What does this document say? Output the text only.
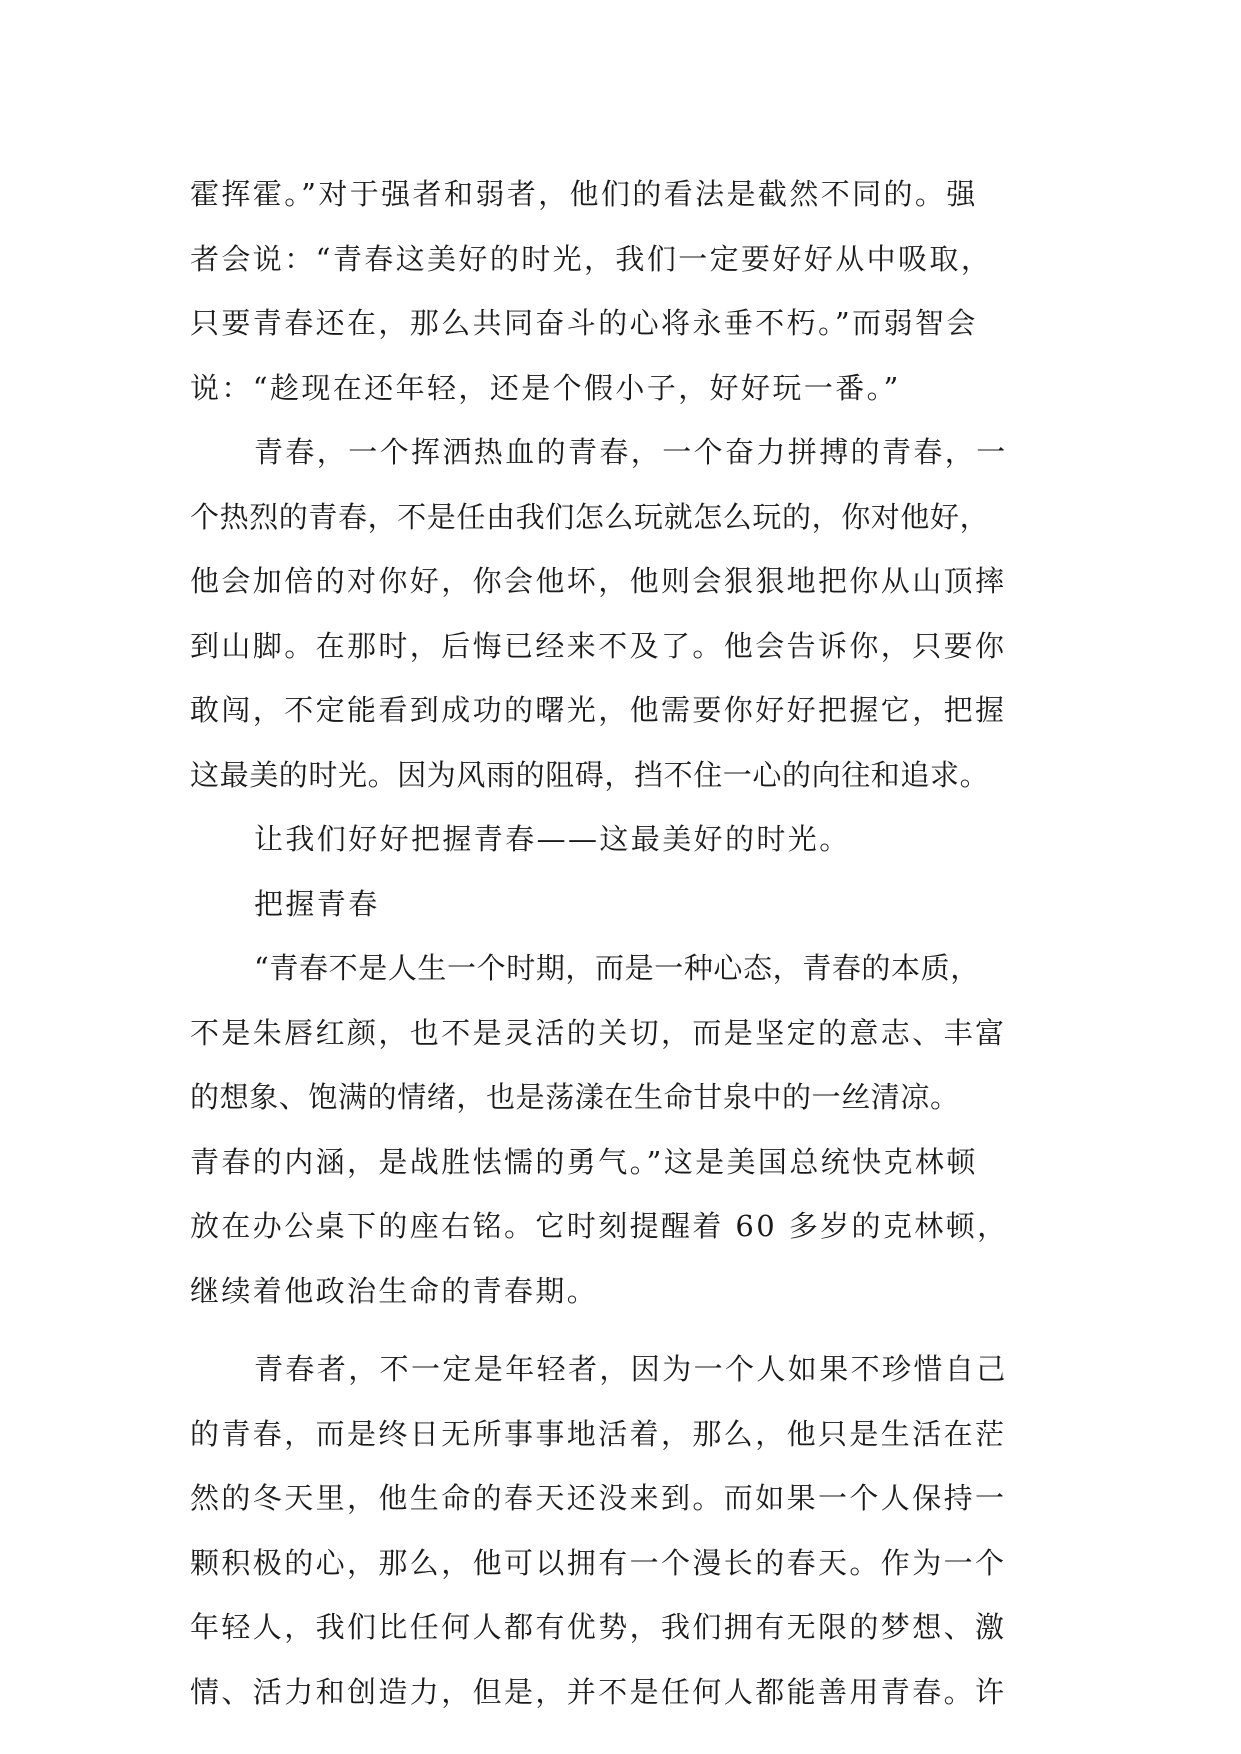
霍挥霍。”对于强者和弱者，他们的看法是截然不同的。强
者会说：“青春这美好的时光，我们一定要好好从中吸取，
只要青春还在，那么共同奋斗的心将永垂不朽。”而弱智会
说：“趁现在还年轻，还是个假小子，好好玩一番。”
青春，一个挥洒热血的青春，一个奋力拼搏的青春，一
个热烈的青春，不是任由我们怎么玩就怎么玩的，你对他好，
他会加倍的对你好，你会他坏，他则会狠狠地把你从山顶摔
到山脚。在那时，后悔已经来不及了。他会告诉你，只要你
敢闯，不定能看到成功的曙光，他需要你好好把握它，把握
这最美的时光。因为风雨的阻碍，挡不住一心的向往和追求。
让我们好好把握青春——这最美好的时光。
把握青春
“青春不是人生一个时期，而是一种心态，青春的本质，
不是朱唇红颜，也不是灵活的关切，而是坚定的意志、丰富
的想象、饱满的情绪，也是荡漾在生命甘泉中的一丝清凉。
青春的内涵，是战胜怯懦的勇气。”这是美国总统快克林顿
放在办公桌下的座右铭。它时刻提醒着 60 多岁的克林顿，
继续着他政治生命的青春期。
青春者，不一定是年轻者，因为一个人如果不珍惜自己
的青春，而是终日无所事事地活着，那么，他只是生活在茫
然的冬天里，他生命的春天还没来到。而如果一个人保持一
颗积极的心，那么，他可以拥有一个漫长的春天。作为一个
年轻人，我们比任何人都有优势，我们拥有无限的梦想、激
情、活力和创造力，但是，并不是任何人都能善用青春。许
